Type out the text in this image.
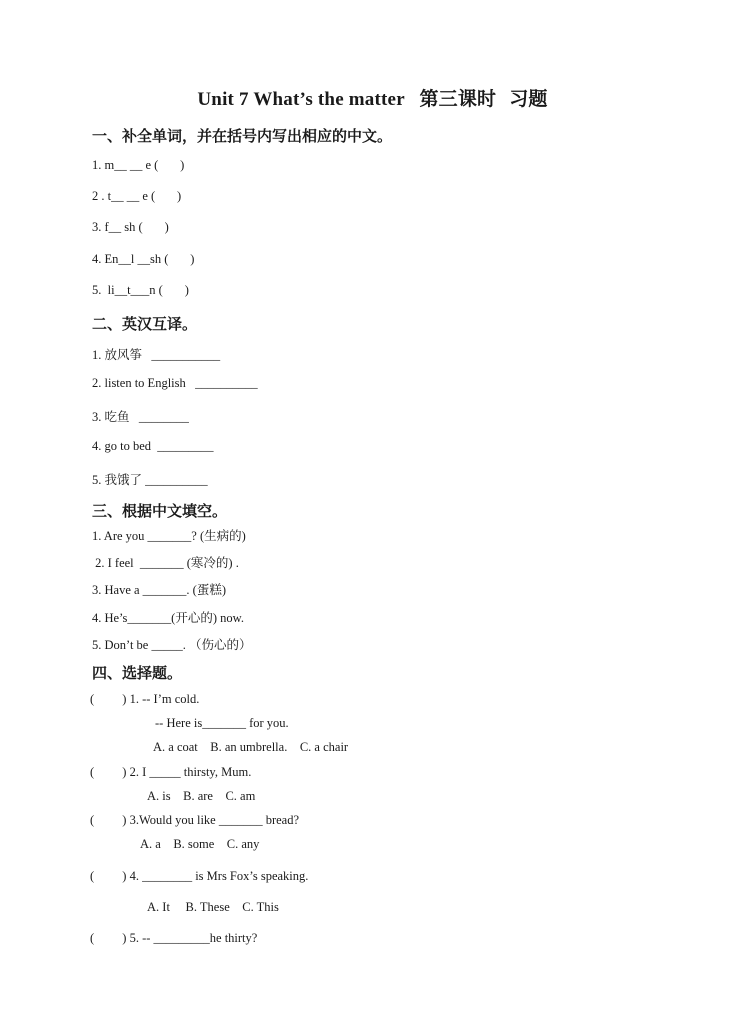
Unit 7 What’s the matter 第三课时 习题
一、补全单词，并在括号内写出相应的中文。
1. m__ __ e (       )
2 . t__ __ e (       )
3. f__ sh (       )
4. En__l __sh (       )
5.  li__t___n (       )
二、英汉互译。
1. 放风筝   ___________
2. listen to English   __________
3. 吃鱼   ________
4. go to bed  _________
5. 我饿了 __________
三、根据中文填空。
1. Are you _______? (生病的)
2. I feel  _______ (寒冷的) .
3. Have a _______. (蛋糕)
4. He’s_______(开心的) now.
5. Don’t be _____. （伤心的）
四、选择题。
(         ) 1. -- I’m cold.
-- Here is_______ for you.
A. a coat    B. an umbrella.    C. a chair
(         ) 2. I _____ thirsty, Mum.
A. is    B. are    C. am
(         ) 3.Would you like _______ bread?
A. a    B. some    C. any
(         ) 4. ________ is Mrs Fox’s speaking.
A. It     B. These    C. This
(         ) 5. -- _________he thirty?
